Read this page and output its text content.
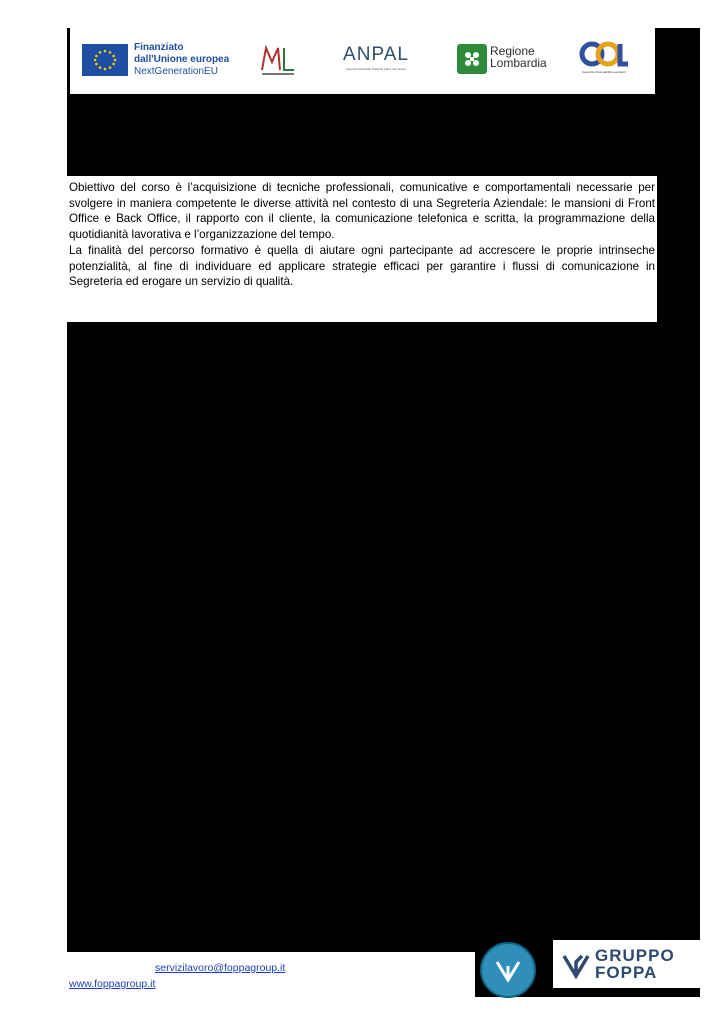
Finanziato
dall'Unione europea
NextGenerationEU
ANPAL
Agenzia Nazionale Politiche Attive del Lavoro
Regione
Lombardia
Garanzia Occupabilità Lavoratori

Obiettivo del corso è l’acquisizione di tecniche professionali, comunicative e comportamentali necessarie per svolgere in maniera competente le diverse attività nel contesto di una Segreteria Aziendale: le mansioni di Front Office e Back Office, il rapporto con il cliente, la comunicazione telefonica e scritta, la programmazione della quotidianità lavorativa e l’organizzazione del tempo.

La finalità del percorso formativo è quella di aiutare ogni partecipante ad accrescere le proprie intrinseche potenzialità, al fine di individuare ed applicare strategie efficaci per garantire i flussi di comunicazione in Segreteria ed erogare un servizio di qualità.

servizilavoro@foppagroup.it
www.foppagroup.it
GRUPPO
FOPPA
